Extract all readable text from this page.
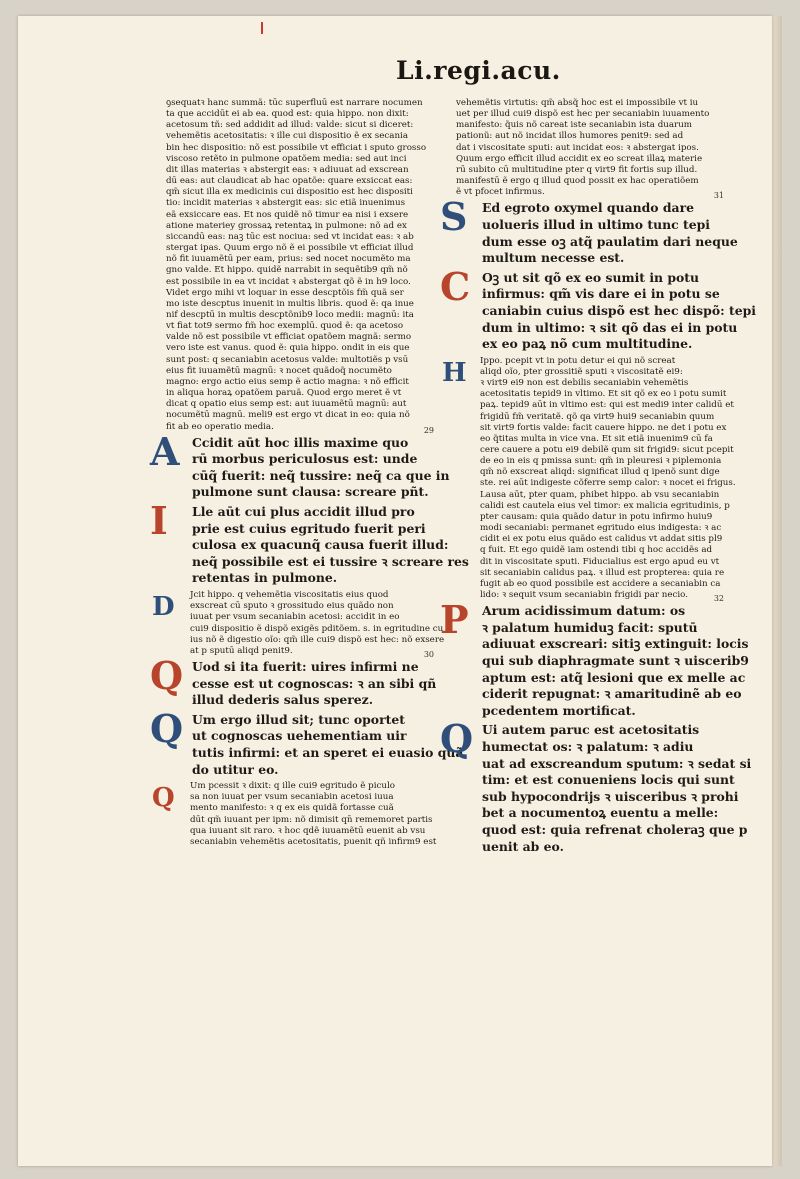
Li.regi.acu.
ꝯsequatꝛ hanc summã: tūc superfluū est narrare nocumen
ta que accidūt ei ab ea. quod est: quia hippo. non dixit:
acetosum tñ: sed addidit ad illud: valde: sicut si diceret:
vehemẽtis acetositatis: ꝛ ille cui dispositio ẽ ex secania
bin hec dispositio: nõ est possibile vt efficiat i sputo grosso
viscoso retẽto in pulmone opatõem media: sed aut inci
dit illas materias ꝛ abstergit eas: ꝛ adiuuat ad exscrean
dū eas: aut claudicat ab hac opatõe: quare exsiccat eas:
qm̃ sicut illa ex medicinis cui dispositio est hec dispositi
tio: incidit materias ꝛ abstergit eas: sic etiã inuenimus
eã exsiccare eas. Et nos quidẽ nõ timur ea nisi i exsere
atione materiey grossaꝝ retentaꝝ in pulmone: nõ ad ex
siccandū eas: naꝫ tūc est nociua: sed vt incidat eas: ꝛ ab
stergat ipas. Quum ergo nõ ẽ ei possibile vt efficiat illud
nõ fit iuuamẽtū per eam, prius: sed nocet nocumẽto ma
gno valde. Et hippo. quidẽ narrabit in sequẽtib9 qm̃ nõ
est possibile in ea vt incidat ꝛ abstergat qõ ẽ in h9 loco.
Videt ergo mihi vt loquar in esse descptõis fm̃ quã ser
mo iste descptus inuenit in multis libris. quod ẽ: qa inue
nif descptū in multis descptõnib9 loco medii: magnū: ita
vt fiat tot9 sermo fm̃ hoc exemplū. quod ẽ: qa acetoso
valde nõ est possibile vt efficiat opatõem magnã: sermo
vero iste est vanus. quod ẽ: quia hippo. ondit in eis que
sunt post: q secaniabin acetosus valde: multotiẽs p vsū
eius fit iuuamẽtū magnū: ꝛ nocet quãdoq̃ nocumẽto
magno: ergo actio eius semp ẽ actio magna: ꝛ nõ efficit
in aliqua horaꝝ opatõem paruã. Quod ergo meret ẽ vt
dicat q opatio eius semp est: aut iuuamẽtū magnū: aut
nocumẽtū magnū. meli9 est ergo vt dicat in eo: quia nõ
fit ab eo operatio media.	29
A Ccidit aūt hoc illis maxime quo
rū morbus periculosus est: unde
cūq̃ fuerit: neq̃ tussire: neq̃ ca que in
pulmone sunt clausa: screare pñt.
I Lle aūt cui plus accidit illud pro
prie est cuius egritudo fuerit peri
culosa ex quacunq̃ causa fuerit illud:
neq̃ possibile est ei tussire ꝛ screare res
retentas in pulmone.
D Jcit hippo. q vehemẽtia viscositatis eius quod
exscreat cū sputo ꝛ grossitudo eius quãdo non
iuuat per vsum secaniabin acetosi: accidit in eo
cui9 dispositio ẽ dispõ exigẽs pditõem. s. in egritudine cu
ius nõ ẽ digestio oĩo: qm̃ ille cui9 dispõ est hec: nõ exsere
at p sputū aliqd penit9.	30
Q Uod si ita fuerit: uires infirmi ne
cesse est ut cognoscas: ꝛ an sibi qñ
illud dederis salus sperez.
Q Um ergo illud sit; tunc oportet
ut cognoscas uehementiam uir
tutis infirmi: et an speret ei euasio quã
do utitur eo.
Q Um pcessit ꝛ dixit: q ille cui9 egritudo ẽ piculo
sa non iuuat per vsum secaniabin acetosi iuua
mento manifesto: ꝛ q ex eis quidã fortasse cuã
dūt qm̃ iuuant per ipm: nõ dimisit qn̄ rememoret partis
qua iuuant sit raro. ꝛ hoc qdẽ iuuamẽtū euenit ab vsu
secaniabin vehemẽtis acetositatis, puenit qñ infirm9 est
vehemẽtis virtutis: qm̃ absq̃ hoc est ei impossibile vt iu
uet per illud cui9 dispõ est hec per secaniabin iuuamento
manifesto: q̃uis nõ careat iste secaniabin ista duarum
pationũ: aut nõ incidat illos humores penit9: sed ad
dat i viscositate sputi: aut incidat eos: ꝛ abstergat ipos.
Quum ergo efficit illud accidit ex eo screat illaꝝ materie
rū subito cū multitudine pter q virt9 fit fortis sup illud.
manifestū ẽ ergo q illud quod possit ex hac operatiõem
ẽ vt pfocet infirmus.	31
S Ed egroto oxymel quando dare
uolueris illud in ultimo tunc tepi
dum esse oꝫ atq̃ paulatim dari neque
multum necesse est.
C Oꝫ ut sit qõ ex eo sumit in potu
infirmus: qm̃ vis dare ei in potu se
caniabin cuius dispõ est hec dispõ: tepi
dum in ultimo: ꝛ sit qõ das ei in potu
ex eo paꝝ nõ cum multitudine.
H Ippo. pcepit vt in potu detur ei qui nõ screat
aliqd oĩo, pter grossitiẽ sputi ꝛ viscositatẽ ei9:
ꝛ virt9 ei9 non est debilis secaniabin vehemẽtis
acetositatis tepid9 in vltimo. Et sit qõ ex eo i potu sumit
paꝝ. tepid9 aūt in vltimo est: qui est medi9 inter calidū et
frigidū fm̃ veritatẽ. qõ qa virt9 hui9 secaniabin quum
sit virt9 fortis valde: facit cauere hippo. ne det i potu ex
eo q̃titas multa in vice vna. Et sit etiã inuenim9 cū fa
cere cauere a potu ei9 debilẽ qum sit frigid9: sicut pcepit
de eo in eis q pmissa sunt: qm̃ in pleuresi ꝛ piplemonia
qm̃ nõ exscreat aliqd: significat illud q ipenõ sunt dige
ste. rei aūt indigeste cõferre semp calor: ꝛ nocet ei frigus.
Lausa aūt, pter quam, phibet hippo. ab vsu secaniabin
calidi est cautela eius vel timor: ex malicia egritudinis, p
pter causam: quia quãdo datur in potu infirmo huiu9
modi secaniabi: permanet egritudo eius indigesta: ꝛ ac
cidit ei ex potu eius quãdo est calidus vt addat sitis pl9
q fuit. Et ego quidẽ iam ostendi tibi q hoc accidẽs ad
dit in viscositate sputi. Fiducialius est ergo apud eu vt
sit secaniabin calidus paꝝ. ꝛ illud est propterea: quia re
fugit ab eo quod possibile est accidere a secaniabin ca
lido: ꝛ sequit vsum secaniabin frigidi par necio.	32
P Arum acidissimum datum: os
ꝛ palatum humiduꝫ facit: sputū
adiuuat exscreari: sitiꝫ extinguit: locis
qui sub diaphragmate sunt ꝛ uiscerib9
aptum est: atq̃ lesioni que ex melle ac
ciderit repugnat: ꝛ amaritudinẽ ab eo
pcedentem mortificat.
Q Ui autem paruc est acetositatis
humectat os: ꝛ palatum: ꝛ adiu
uat ad exscreandum sputum: ꝛ sedat si
tim: et est conueniens locis qui sunt
sub hypocondrijs ꝛ uisceribus ꝛ prohi
bet a nocumentoꝝ euentu a melle:
quod est: quia refrenat choleraꝫ que p
uenit ab eo.
